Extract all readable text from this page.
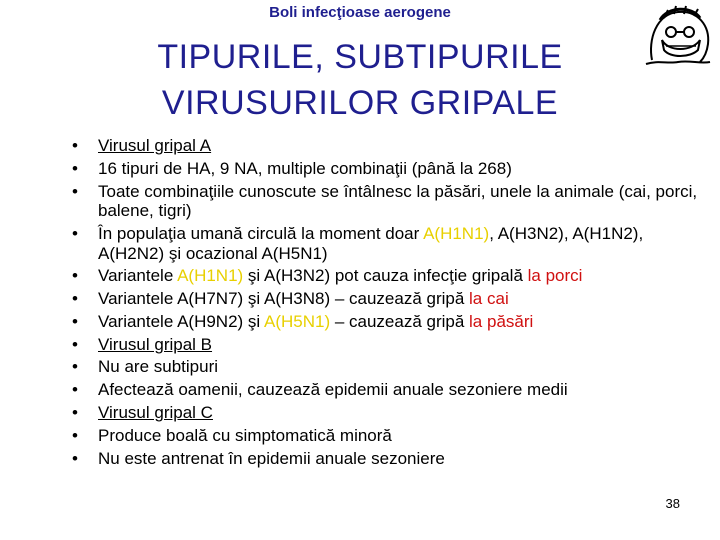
Boli infecţioase aerogene
TIPURILE, SUBTIPURILE
VIRUSURILOR GRIPALE
• Virusul gripal A
• 16 tipuri de HA, 9 NA, multiple combinaţii (până la 268)
• Toate combinaţiile cunoscute se întâlnesc la păsări, unele la animale (cai, porci, balene, tigri)
• În populaţia umană circulă la moment doar A(H1N1), A(H3N2), A(H1N2), A(H2N2) şi ocazional A(H5N1)
• Variantele A(H1N1) şi A(H3N2) pot cauza infecţie gripală la porci
• Variantele A(H7N7) şi A(H3N8) – cauzează gripă la cai
• Variantele A(H9N2) şi A(H5N1) – cauzează gripă la păsări
• Virusul gripal B
• Nu are subtipuri
• Afectează oamenii, cauzează epidemii anuale sezoniere medii
• Virusul gripal C
• Produce boală cu simptomatică minoră
• Nu este antrenat în epidemii anuale sezoniere
38
